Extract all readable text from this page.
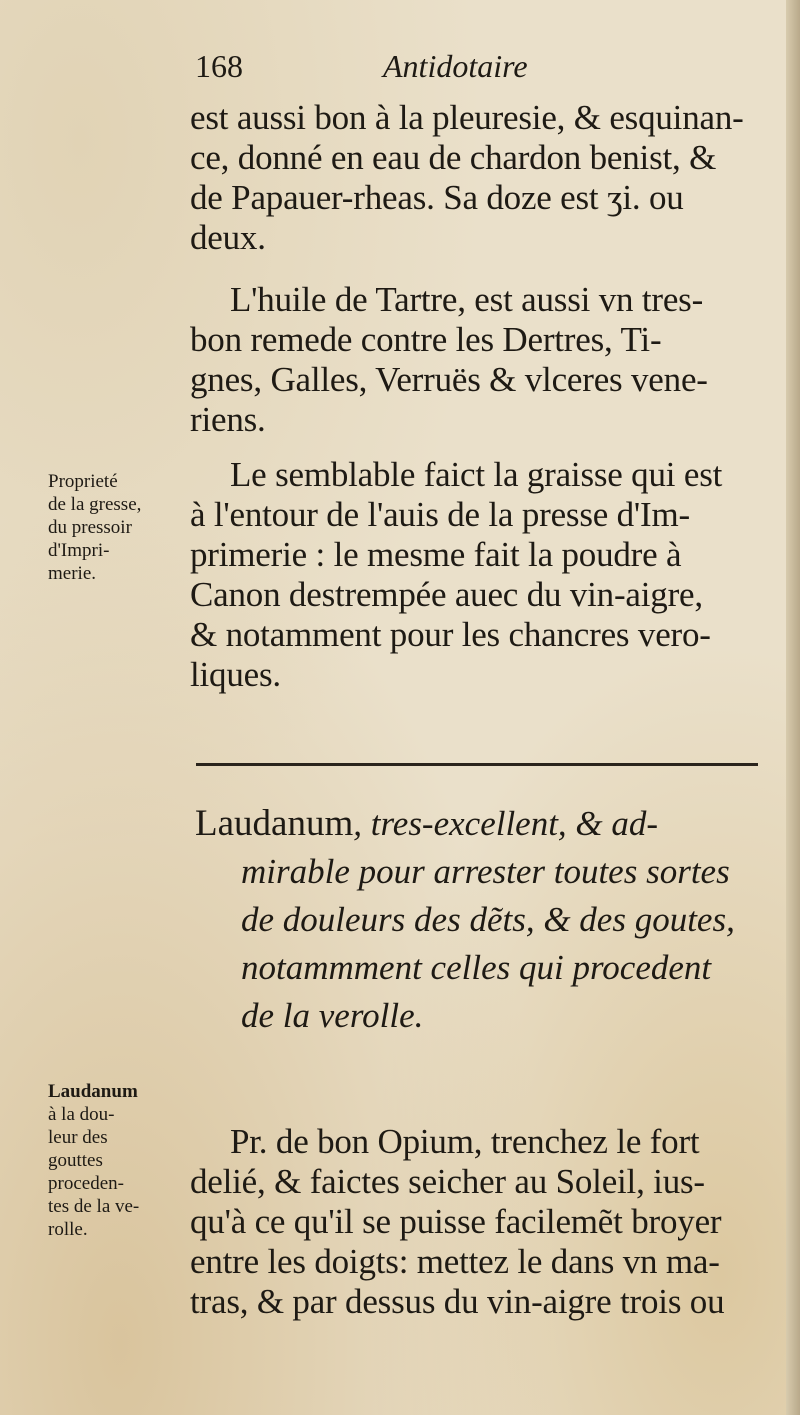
168	Antidotaire
est aussi bon à la pleuresie, & esquinan-
ce, donné en eau de chardon benist, &
de Papauer-rheas. Sa doze est ʒi. ou
deux.
L'huile de Tartre, est aussi vn tres-
bon remede contre les Dertres, Ti-
gnes, Galles, Verruës & vlceres vene-
riens.
Proprieté
de la gresse,
du pressoir
d'Impri-
merie.
Le semblable faict la graisse qui est
à l'entour de l'auis de la presse d'Im-
primerie : le mesme fait la poudre à
Canon destrempée auec du vin-aigre,
& notamment pour les chancres vero-
liques.
Laudanum, tres-excellent, & ad-
mirable pour arrester toutes sortes
de douleurs des dẽts, & des goutes,
notammment celles qui procedent
de la verolle.
Laudanum
à la dou-
leur des
gouttes
proceden-
tes de la ve-
rolle.
Pr. de bon Opium, trenchez le fort
delié, & faictes seicher au Soleil, ius-
qu'à ce qu'il se puisse facilemẽt broyer
entre les doigts: mettez le dans vn ma-
tras, & par dessus du vin-aigre trois ou
